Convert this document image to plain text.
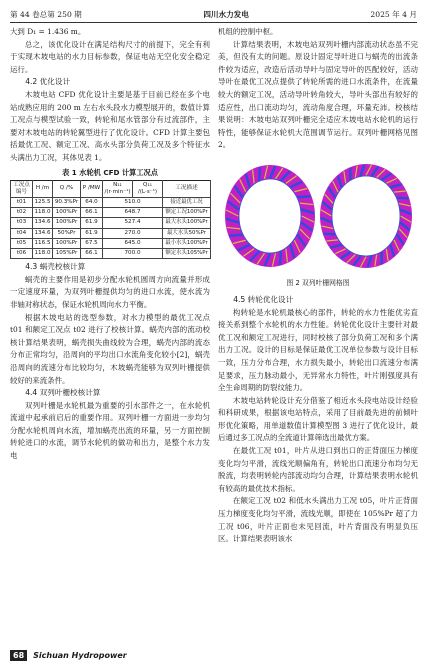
第 44 卷总第 250 期	四川水力发电	2025 年 4 月

大到 D₁ = 1.436 m。

总之，该优化设计在满足结构尺寸的前提下，完全有利于实现木坡电站的水力目标参数，保证电站无空化安全稳定运行。

4.2 优化设计

木坡电站 CFD 优化设计主要是基于目前已经在多个电站成熟应用的 200 m 左右水头段水力模型展开的，数值计算工况点与模型试验一致，转轮和尾水管部分有过流部件，主要对木坡电站的转轮翼型进行了优化设计。CFD 计算主要包括最优工况、额定工况、高水头部分负荷工况及多个特征水头满出力工况，其体见表 1。

表 1 水轮机 CFD 计算工况点
工况点编号	H /m	Q /%	P /MW	N₁₁ /(r·min⁻¹)	Q₁₁ /(L·s⁻¹)	工况描述
t01	125.5	90.3%Pr	64.0	510.0		接近最优工况
t02	118.0	100%Pr	66.1	648.7		额定工况100%Pr
t03	134.6	100%Pr	61.9	527.4		最大水头100%Pr
t04	134.6	50%Pr	61.9	270.0		最大水头50%Pr
t05	116.5	100%Pr	67.5	645.0		最小水头100%Pr
t06	118.0	105%Pr	66.1	700.0		额定水头105%Pr

4.3 蜗壳校核计算

蜗壳的主要作用是初步分配水轮机圆周方向流量并形成一定速度环量，为双列叶栅提供均匀的进口水流，使水流为非轴对称状态，保证水轮机周向水力平衡。

根据木坡电站的选型参数，对水力模型的最优工况点 t01 和额定工况点 t02 进行了校核计算。蜗壳内部的流动校核计算结果表明，蜗壳损失曲线较为合理，蜗壳内部的流态分布正常均匀，沿周向的平均出口水流角变化较小[2]，蜗壳沿周向的流速分布比较均匀，木坡蜗壳能够为双列叶栅提供较好的来流条件。

4.4 双列叶栅校核计算

双列叶栅是水轮机最为重要的引水部件之一，在水轮机流道中起承前启后的重要作用。双列叶栅一方面进一步均匀分配水轮机周向水流，增加蜗壳出流的环量，另一方面控制转轮进口的水流，调节水轮机的做功和出力，是整个水力发电

机组的控制中枢。

计算结果表明，木坡电站双列叶栅内部流动状态虽不完美，但没有太的问题。原设计固定导叶进口与蜗壳的出流条件较为适应，改造后活动导叶与固定导叶的匹配较好，活动导叶在最优工况点提供了转轮所需的进口水流条件，在流量较大的额定工况，活动导叶转角较大，导叶头部出有较好的适应性，出口流动均匀，流动角度合理，环量充沛。校核结果说明：木坡电站双列叶栅完全适应木坡电站水轮机的运行特性，能够保证水轮机大范围调节运行。双列叶栅网格见图 2。

图 2 双列叶栅网格图

4.5 转轮优化设计

构转轮是水轮机最核心的部件，转轮的水力性能优劣直接关系到整个水轮机的水力性能。转轮优化设计主要针对最优工况和额定工况进行，同时校核了部分负荷工况和多个满出力工况。设计的目标是保证最优工况单位参数与设计目标一致，压力分布合理，水力损失最小，转轮出口流速分布满足要求，压力脉动最小，无异常水力特性，叶片刚强度具有全生命周期的防裂纹能力。

木坡电站转轮设计充分借鉴了相近水头段电站设计经验和科研成果，根据该电站特点，采用了目前最先进的前倾叶形优化策略，用单道数值计算模型图 3 进行了优化设计，最后通过多工况点的全流道计算筛选出最优方案。

在最优工况 t01，叶片从进口到出口的正背面压力梯度变化均匀平滑，流线光顺偏角有，转轮出口流速分布均匀无脱流，均表明转轮内部流动均匀合理，计算结果表明水轮机有较高的最优技术指标。

在额定工况 t02 和低水头满出力工况 t05，叶片正背面压力梯度变化均匀平滑，流线光顺，即使在 105%Pr 超了力工况 t06，叶片正面也未见回流，叶片背面没有明显负压区。计算结果表明该水

68	Sichuan Hydropower
